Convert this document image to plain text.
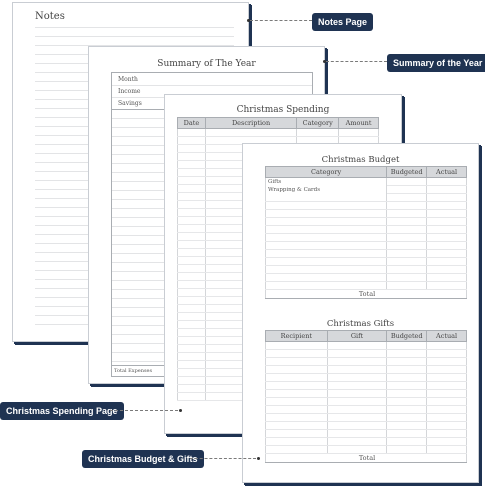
Notes
Summary of The Year
Month
Income
Savings
Total Expenses
Christmas Spending
Date	Description	Category	Amount

Christmas Budget
Category	Budgeted	Actual
Gifts		
Wrapping & Cards		

Total		
Christmas Gifts
Recipient	Gift	Budgeted	Actual

Total			
Notes Page
Summary of the Year
Christmas Spending Page
Christmas Budget & Gifts
